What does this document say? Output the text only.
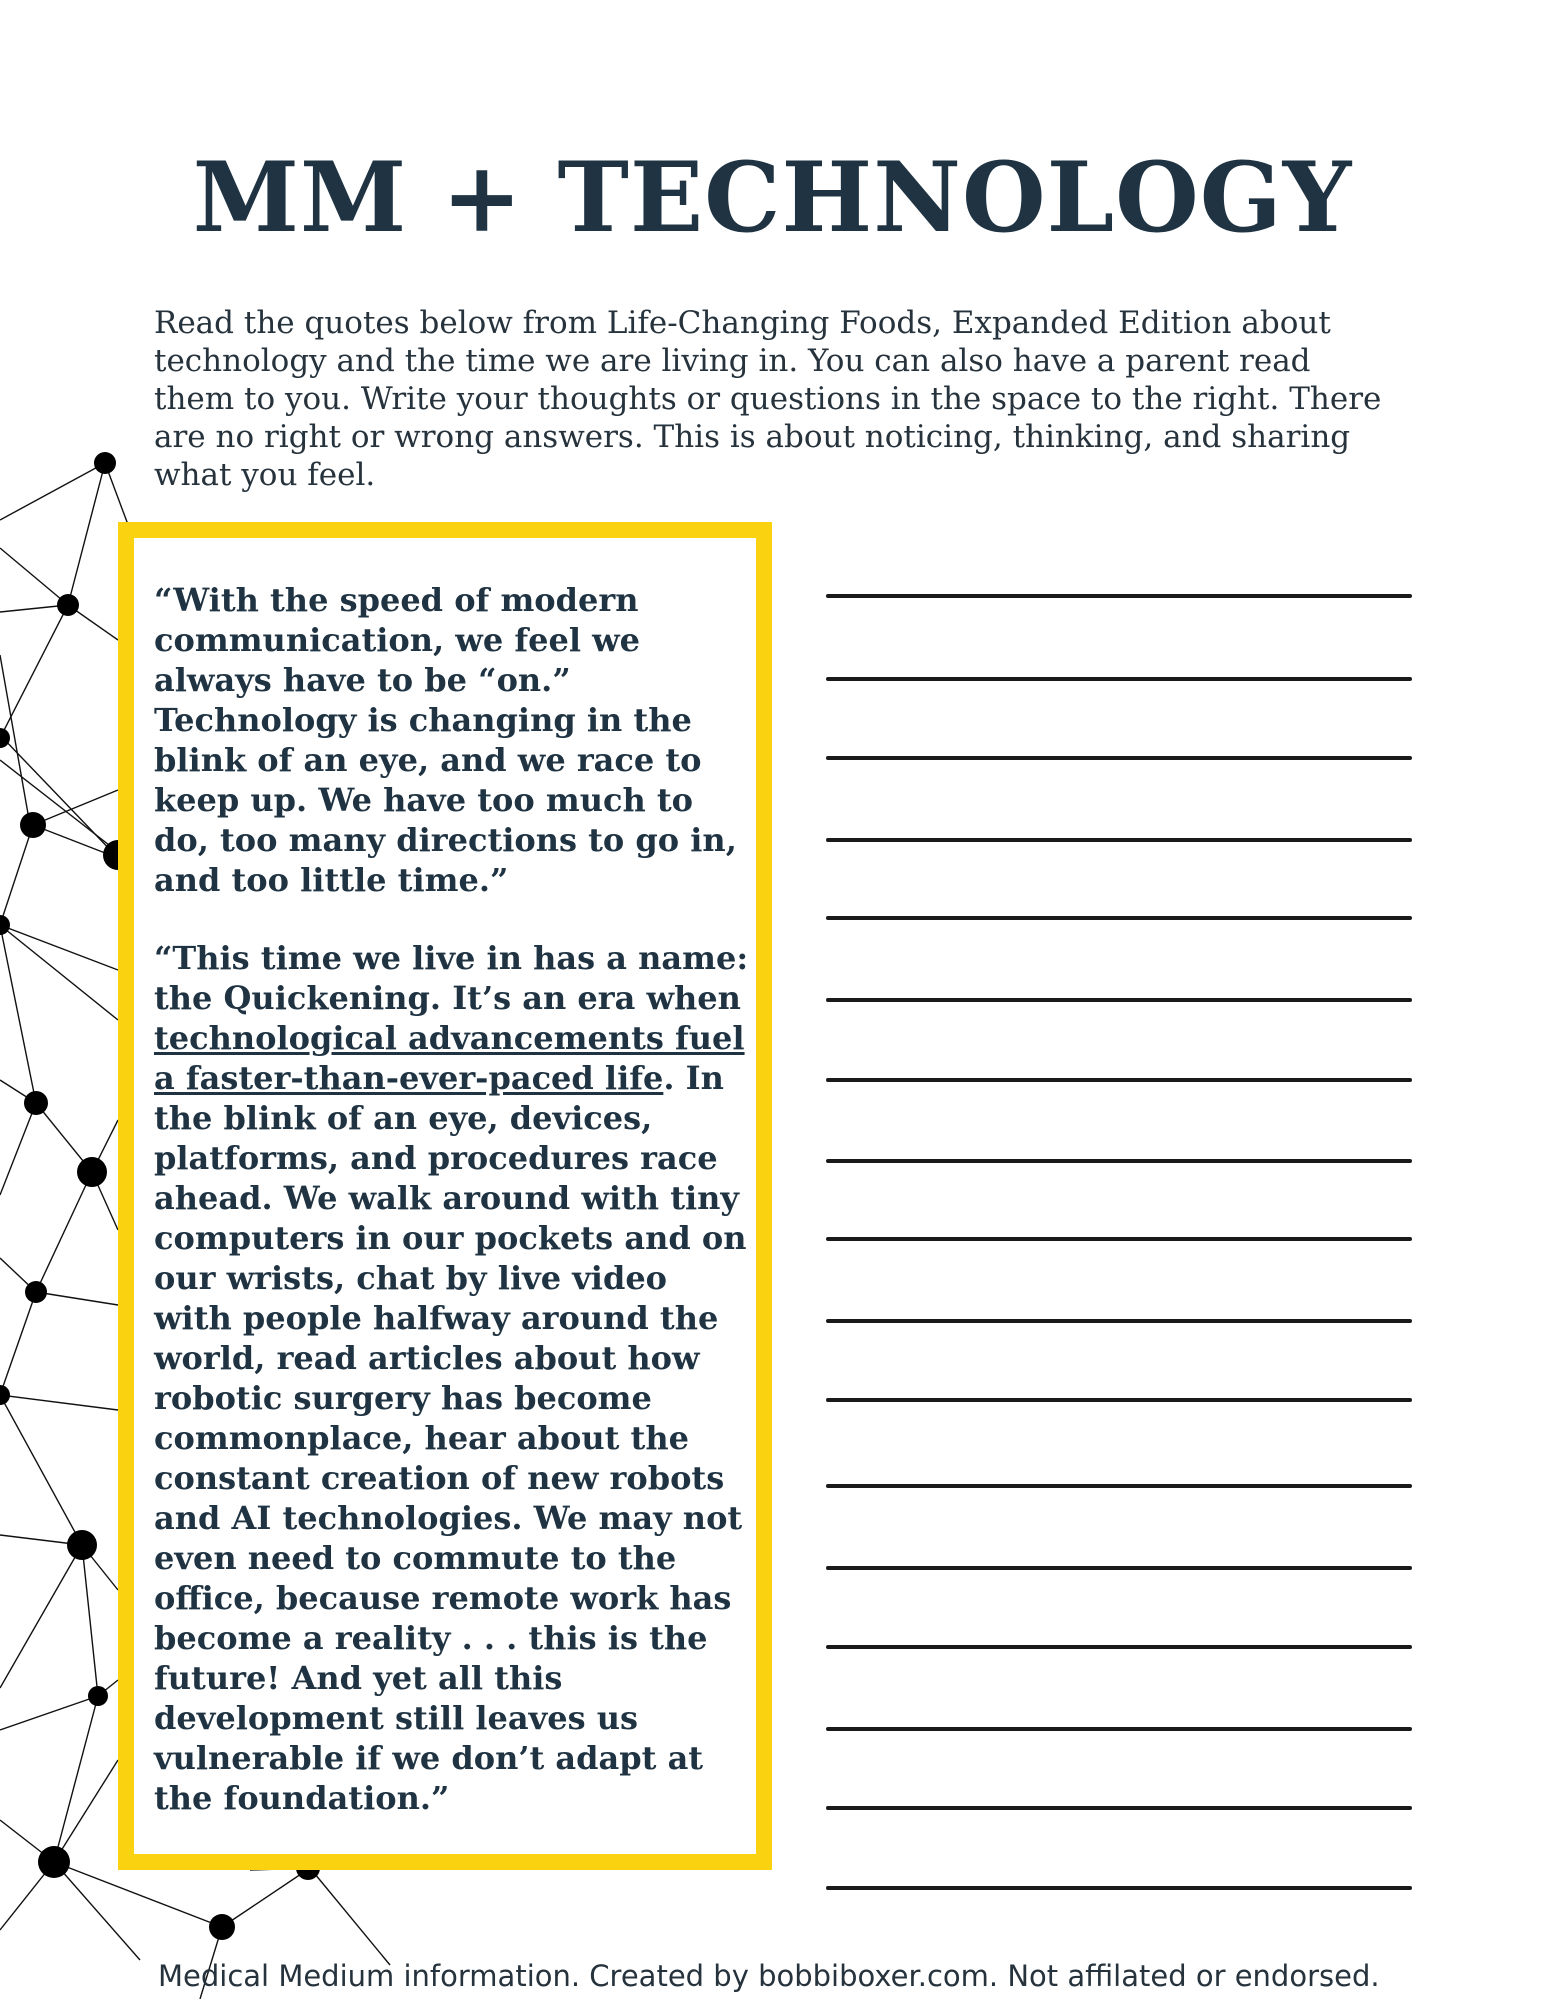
MM + TECHNOLOGY

Read the quotes below from Life-Changing Foods, Expanded Edition about technology and the time we are living in. You can also have a parent read them to you. Write your thoughts or questions in the space to the right. There are no right or wrong answers. This is about noticing, thinking, and sharing what you feel.

“With the speed of modern communication, we feel we always have to be “on.” Technology is changing in the blink of an eye, and we race to keep up. We have too much to do, too many directions to go in, and too little time.”

“This time we live in has a name: the Quickening. It’s an era when technological advancements fuel a faster-than-ever-paced life. In the blink of an eye, devices, platforms, and procedures race ahead. We walk around with tiny computers in our pockets and on our wrists, chat by live video with people halfway around the world, read articles about how robotic surgery has become commonplace, hear about the constant creation of new robots and AI technologies. We may not even need to commute to the office, because remote work has become a reality . . . this is the future! And yet all this development still leaves us vulnerable if we don’t adapt at the foundation.”

Medical Medium information. Created by bobbiboxer.com. Not affilated or endorsed.
